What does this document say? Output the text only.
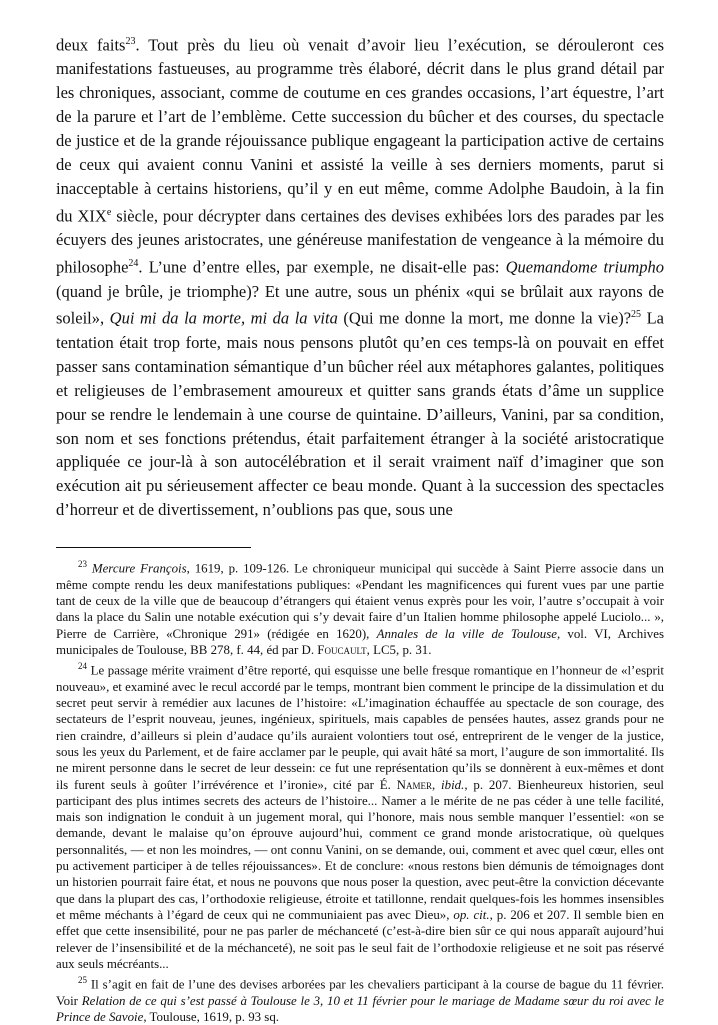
deux faits$^{23}$. Tout près du lieu où venait d’avoir lieu l’exécution, se dérouleront ces manifestations fastueuses, au programme très élaboré, décrit dans le plus grand détail par les chroniques, associant, comme de coutume en ces grandes occasions, l’art équestre, l’art de la parure et l’art de l’emblème. Cette succession du bûcher et des courses, du spectacle de justice et de la grande réjouissance publique engageant la participation active de certains de ceux qui avaient connu Vanini et assisté la veille à ses derniers moments, parut si inacceptable à certains historiens, qu’il y en eut même, comme Adolphe Baudoin, à la fin du XIXe siècle, pour décrypter dans certaines des devises exhibées lors des parades par les écuyers des jeunes aristocrates, une généreuse manifestation de vengeance à la mémoire du philosophe$^{24}$. L’une d’entre elles, par exemple, ne disait-elle pas: Quemandome triumpho (quand je brûle, je triomphe)? Et une autre, sous un phénix «qui se brûlait aux rayons de soleil», Qui mi da la morte, mi da la vita (Qui me donne la mort, me donne la vie)?$^{25}$ La tentation était trop forte, mais nous pensons plutôt qu’en ces temps-là on pouvait en effet passer sans contamination sémantique d’un bûcher réel aux métaphores galantes, politiques et religieuses de l’embrasement amoureux et quitter sans grands états d’âme un supplice pour se rendre le lendemain à une course de quintaine. D’ailleurs, Vanini, par sa condition, son nom et ses fonctions prétendus, était parfaitement étranger à la société aristocratique appliquée ce jour-là à son autocélébration et il serait vraiment naïf d’imaginer que son exécution ait pu sérieusement affecter ce beau monde. Quant à la succession des spectacles d’horreur et de divertissement, n’oublions pas que, sous une

$^{23}$ Mercure François, 1619, p. 109-126. Le chroniqueur municipal qui succède à Saint Pierre associe dans un même compte rendu les deux manifestations publiques: «Pendant les magnificences qui furent vues par une partie tant de ceux de la ville que de beaucoup d’étrangers qui étaient venus exprès pour les voir, l’autre s’occupait à voir dans la place du Salin une notable exécution qui s’y devait faire d’un Italien homme philosophe appelé Luciolo... », Pierre de Carrière, «Chronique 291» (rédigée en 1620), Annales de la ville de Toulouse, vol. VI, Archives municipales de Toulouse, BB 278, f. 44, éd par D. Foucault, LC5, p. 31.

$^{24}$ Le passage mérite vraiment d’être reporté, qui esquisse une belle fresque romantique en l’honneur de «l’esprit nouveau», et examiné avec le recul accordé par le temps, montrant bien comment le principe de la dissimulation et du secret peut servir à remédier aux lacunes de l’histoire: «L’imagination échauffée au spectacle de son courage, des sectateurs de l’esprit nouveau, jeunes, ingénieux, spirituels, mais capables de pensées hautes, assez grands pour ne rien craindre, d’ailleurs si plein d’audace qu’ils auraient volontiers tout osé, entreprirent de le venger de la justice, sous les yeux du Parlement, et de faire acclamer par le peuple, qui avait hâté sa mort, l’augure de son immortalité. Ils ne mirent personne dans le secret de leur dessein: ce fut une représentation qu’ils se donnèrent à eux-mêmes et dont ils furent seuls à goûter l’irrévérence et l’ironie», cité par É. Namer, ibid., p. 207. Bienheureux historien, seul participant des plus intimes secrets des acteurs de l’histoire... Namer a le mérite de ne pas céder à une telle facilité, mais son indignation le conduit à un jugement moral, qui l’honore, mais nous semble manquer l’essentiel: «on se demande, devant le malaise qu’on éprouve aujourd’hui, comment ce grand monde aristocratique, où quelques personnalités, — et non les moindres, — ont connu Vanini, on se demande, oui, comment et avec quel cœur, elles ont pu activement participer à de telles réjouissances». Et de conclure: «nous restons bien démunis de témoignages dont un historien pourrait faire état, et nous ne pouvons que nous poser la question, avec peut-être la conviction décevante que dans la plupart des cas, l’orthodoxie religieuse, étroite et tatillonne, rendait quelques-fois les hommes insensibles et même méchants à l’égard de ceux qui ne communiaient pas avec Dieu», op. cit., p. 206 et 207. Il semble bien en effet que cette insensibilité, pour ne pas parler de méchanceté (c’est-à-dire bien sûr ce qui nous apparaît aujourd’hui relever de l’insensibilité et de la méchanceté), ne soit pas le seul fait de l’orthodoxie religieuse et ne soit pas réservé aux seuls mécréants...

$^{25}$ Il s’agit en fait de l’une des devises arborées par les chevaliers participant à la course de bague du 11 février. Voir Relation de ce qui s’est passé à Toulouse le 3, 10 et 11 février pour le mariage de Madame sœur du roi avec le Prince de Savoie, Toulouse, 1619, p. 93 sq.
